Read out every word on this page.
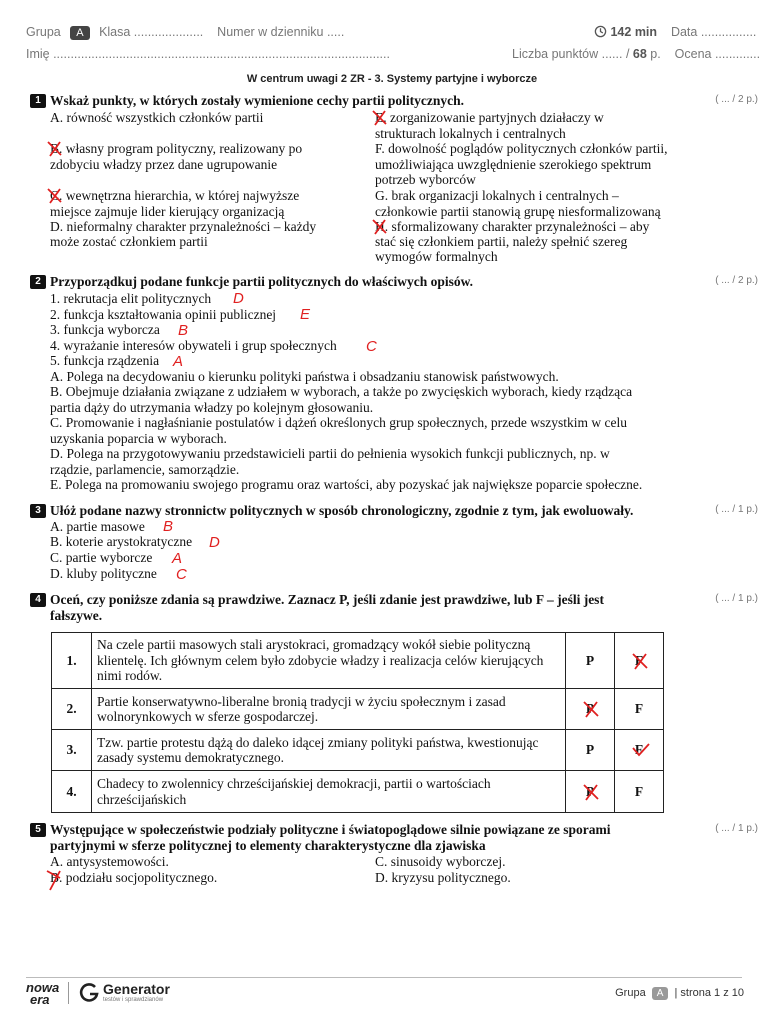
Grupa A Klasa .................... Numer w dzienniku .....	142 min Data ................
Imię .................................................................................................	Liczba punktów ...... / 68 p. Ocena .............
W centrum uwagi 2 ZR - 3. Systemy partyjne i wyborcze
1 Wskaż punkty, w których zostały wymienione cechy partii politycznych.	( ... / 2 p.)
A. równość wszystkich członków partii
B. własny program polityczny, realizowany po
zdobyciu władzy przez dane ugrupowanie
C. wewnętrzna hierarchia, w której najwyższe
miejsce zajmuje lider kierujący organizacją
D. nieformalny charakter przynależności – każdy
może zostać członkiem partii
E. zorganizowanie partyjnych działaczy w
strukturach lokalnych i centralnych
F. dowolność poglądów politycznych członków partii,
umożliwiająca uwzględnienie szerokiego spektrum
potrzeb wyborców
G. brak organizacji lokalnych i centralnych –
członkowie partii stanowią grupę niesformalizowaną
H. sformalizowany charakter przynależności – aby
stać się członkiem partii, należy spełnić szereg
wymogów formalnych
2 Przyporządkuj podane funkcje partii politycznych do właściwych opisów.	( ... / 2 p.)
1. rekrutacja elit politycznych
2. funkcja kształtowania opinii publicznej
3. funkcja wyborcza
4. wyrażanie interesów obywateli i grup społecznych
5. funkcja rządzenia
D
E
B
C
A
A. Polega na decydowaniu o kierunku polityki państwa i obsadzaniu stanowisk państwowych.
B. Obejmuje działania związane z udziałem w wyborach, a także po zwycięskich wyborach, kiedy rządząca
partia dąży do utrzymania władzy po kolejnym głosowaniu.
C. Promowanie i nagłaśnianie postulatów i dążeń określonych grup społecznych, przede wszystkim w celu
uzyskania poparcia w wyborach.
D. Polega na przygotowywaniu przedstawicieli partii do pełnienia wysokich funkcji publicznych, np. w
rządzie, parlamencie, samorządzie.
E. Polega na promowaniu swojego programu oraz wartości, aby pozyskać jak największe poparcie społeczne.
3 Ułóż podane nazwy stronnictw politycznych w sposób chronologiczny, zgodnie z tym, jak ewoluowały.	( ... / 1 p.)
A. partie masowe
B. koterie arystokratyczne
C. partie wyborcze
D. kluby polityczne
B
D
A
C
4 Oceń, czy poniższe zdania są prawdziwe. Zaznacz P, jeśli zdanie jest prawdziwe, lub F – jeśli jest
fałszywe.
( ... / 1 p.)
1.	Na czele partii masowych stali arystokraci, gromadzący wokół siebie polityczną klientelę. Ich głównym celem było zdobycie władzy i realizacja celów kierujących nimi rodów.	P	F

2.	Partie konserwatywno-liberalne bronią tradycji w życiu społecznym i zasad wolnorynkowych w sferze gospodarczej.	P	F
3.	Tzw. partie protestu dążą do daleko idącej zmiany polityki państwa, kwestionując zasady systemu demokratycznego.	P	F

4.	Chadecy to zwolennicy chrześcijańskiej demokracji, partii o wartościach chrześcijańskich	P	F
5 Występujące w społeczeństwie podziały polityczne i światopoglądowe silnie powiązane ze sporami
partyjnymi w sferze politycznej to elementy charakterystyczne dla zjawiska
( ... / 1 p.)
A. antysystemowości.
B. podziału socjopolitycznego.
C. sinusoidy wyborczej.
D. kryzysu politycznego.
nowa
era
Generator
testów i sprawdzianów
Grupa A | strona 1 z 10
